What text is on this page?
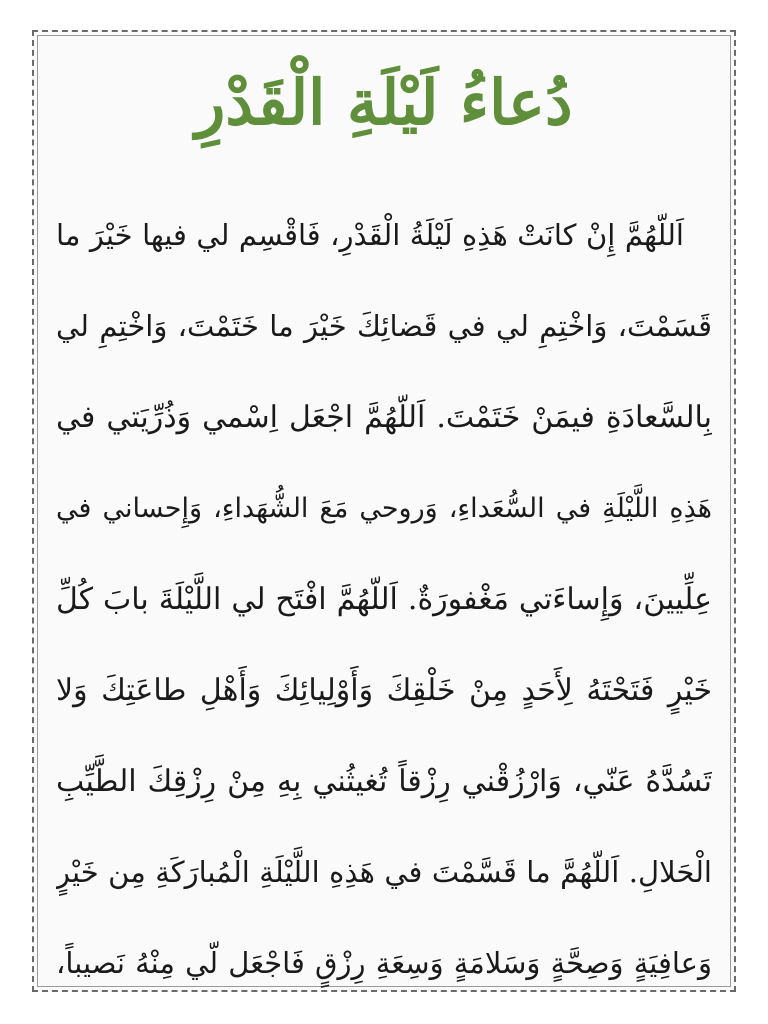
دُعاءُ لَيْلَةِ الْقَدْرِ
اَللّهُمَّ إِنْ كانَتْ هَذِهِ لَيْلَةُ الْقَدْرِ، فَاقْسِم لي فيها خَيْرَ ما
قَسَمْتَ، وَاخْتِمِ لي في قَضائِكَ خَيْرَ ما خَتَمْتَ، وَاخْتِمِ لي
بِالسَّعادَةِ فيمَنْ خَتَمْتَ. اَللّهُمَّ اجْعَل اِسْمي وَذُرِّيَتي في
هَذِهِ اللَّيْلَةِ في السُّعَداءِ، وَروحي مَعَ الشُّهَداءِ، وَإِحساني في
عِلِّيينَ، وَإِساءَتي مَغْفورَةٌ. اَللّهُمَّ افْتَح لي اللَّيْلَةَ بابَ كُلِّ
خَيْرٍ فَتَحْتَهُ لِأَحَدٍ مِنْ خَلْقِكَ وَأَوْلِيائِكَ وَأَهْلِ طاعَتِكَ وَلا
تَسُدَّهُ عَنّي، وَارْزُقْني رِزْقاً تُغيثُني بِهِ مِنْ رِزْقِكَ الطَّيِّبِ
الْحَلالِ. اَللّهُمَّ ما قَسَّمْتَ في هَذِهِ اللَّيْلَةِ الْمُبارَكَةِ مِن خَيْرٍ
وَعافِيَةٍ وَصِحَّةٍ وَسَلامَةٍ وَسِعَةِ رِزْقٍ فَاجْعَل لّي مِنْهُ نَصيباً،
